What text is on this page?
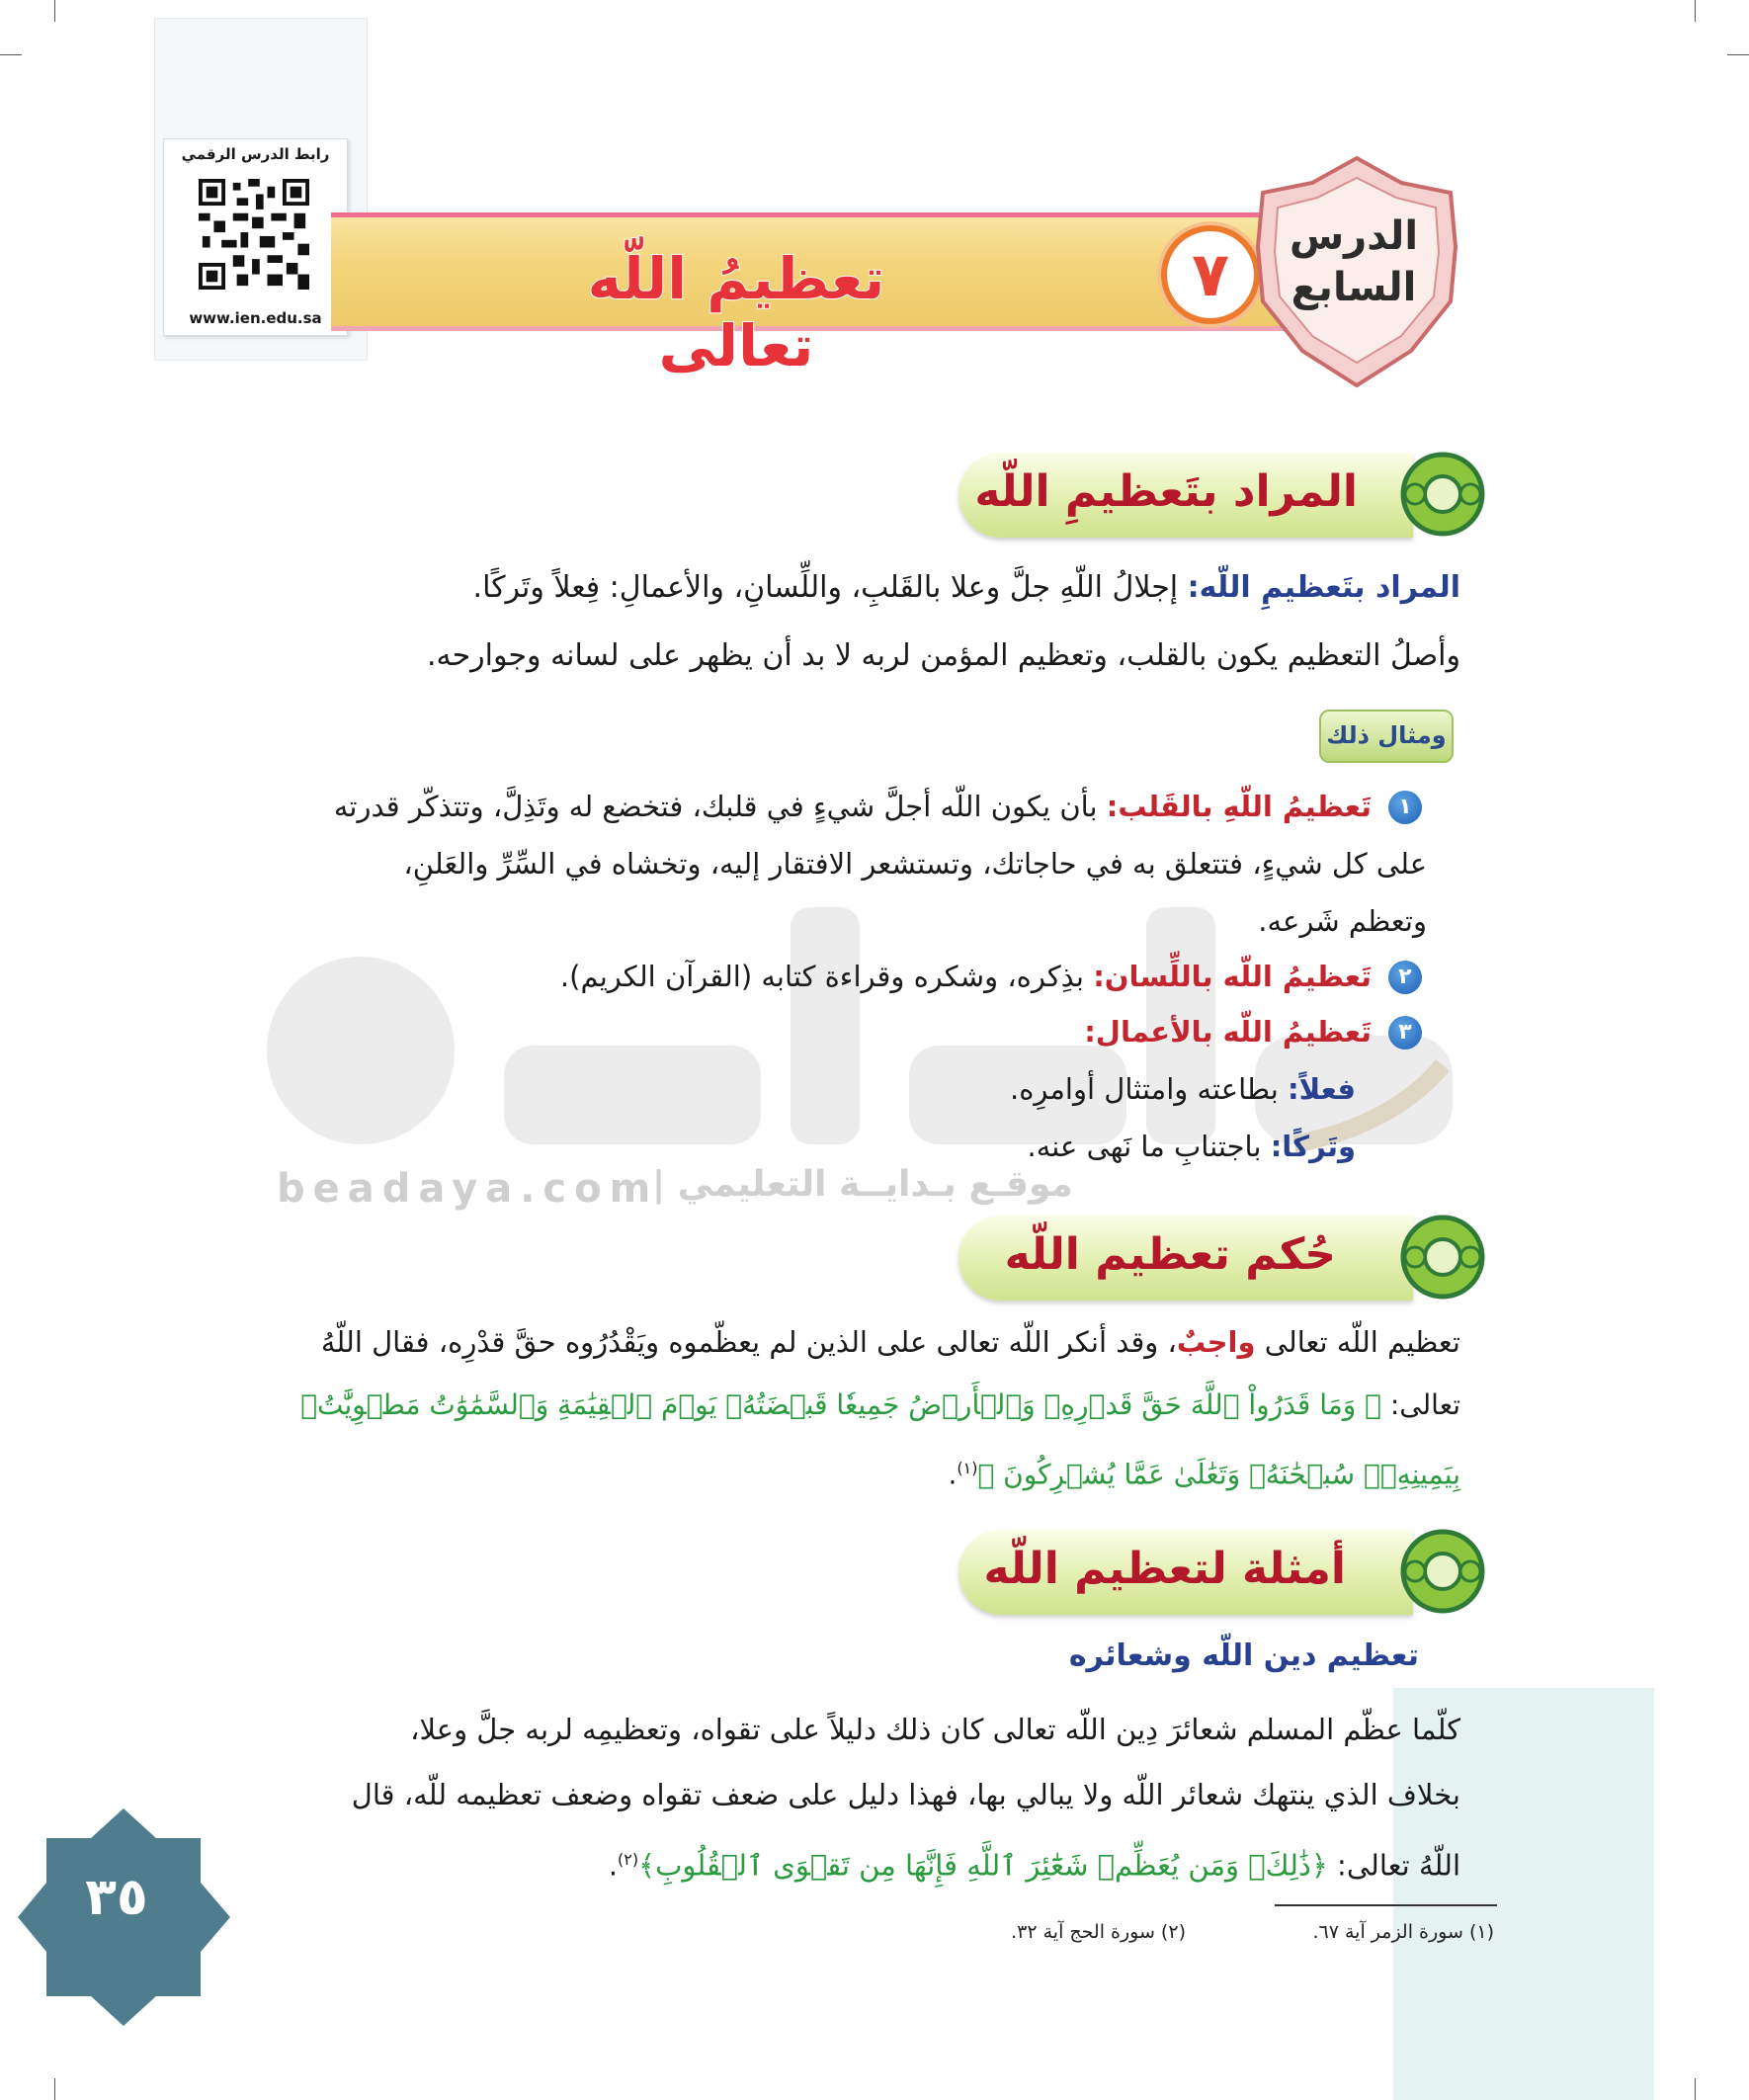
beadaya.com
موقـع بـدايــة التعليمي |
رابط الدرس الرقمي
www.ien.edu.sa
تعظيمُ اللّه تعالى
٧
الدرس
السابع
المراد بتَعظيمِ اللّه
المراد بتَعظيمِ اللّه: إجلالُ اللّهِ جلَّ وعلا بالقَلبِ، واللِّسانِ، والأعمالِ: فِعلاً وتَركًا.
وأصلُ التعظيم يكون بالقلب، وتعظيم المؤمن لربه لا بد أن يظهر على لسانه وجوارحه.
ومثال ذلك
١
تَعظيمُ اللّهِ بالقَلب: بأن يكون اللّه أجلَّ شيءٍ في قلبك، فتخضع له وتَذِلَّ، وتتذكّر قدرته
على كل شيءٍ، فتتعلق به في حاجاتك، وتستشعر الافتقار إليه، وتخشاه في السِّرِّ والعَلنِ،
وتعظم شَرعه.
٢
تَعظيمُ اللّه باللِّسان: بذِكره، وشكره وقراءة كتابه (القرآن الكريم).
٣
تَعظيمُ اللّه بالأعمال:
فعلاً: بطاعته وامتثال أوامرِه.
وتَركًا: باجتنابِ ما نَهى عنه.
حُكم تعظيم اللّه
تعظيم اللّه تعالى واجبٌ، وقد أنكر اللّه تعالى على الذين لم يعظّموه ويَقْدُرُوه حقَّ قدْرِه، فقال اللّهُ
تعالى: ﴿ وَمَا قَدَرُواْ ٱللَّهَ حَقَّ قَدۡرِهِۦ وَٱلۡأَرۡضُ جَمِيعٗا قَبۡضَتُهُۥ يَوۡمَ ٱلۡقِيَٰمَةِ وَٱلسَّمَٰوَٰتُ مَطۡوِيَّٰتُۢ
بِيَمِينِهِۦۚ سُبۡحَٰنَهُۥ وَتَعَٰلَىٰ عَمَّا يُشۡرِكُونَ ﴾$^{(١)}$.
أمثلة لتعظيم اللّه
تعظيم دين اللّه وشعائره
كلّما عظّم المسلم شعائرَ دِين اللّه تعالى كان ذلك دليلاً على تقواه، وتعظيمِه لربه جلَّ وعلا،
بخلاف الذي ينتهك شعائر اللّه ولا يبالي بها، فهذا دليل على ضعف تقواه وضعف تعظيمه للّه، قال
اللّهُ تعالى: ﴿ذَٰلِكَۖ وَمَن يُعَظِّمۡ شَعَٰٓئِرَ ٱللَّهِ فَإِنَّهَا مِن تَقۡوَى ٱلۡقُلُوبِ﴾$^{(٢)}$.
(١) سورة الزمر آية ٦٧.
(٢) سورة الحج آية ٣٢.
٣٥
